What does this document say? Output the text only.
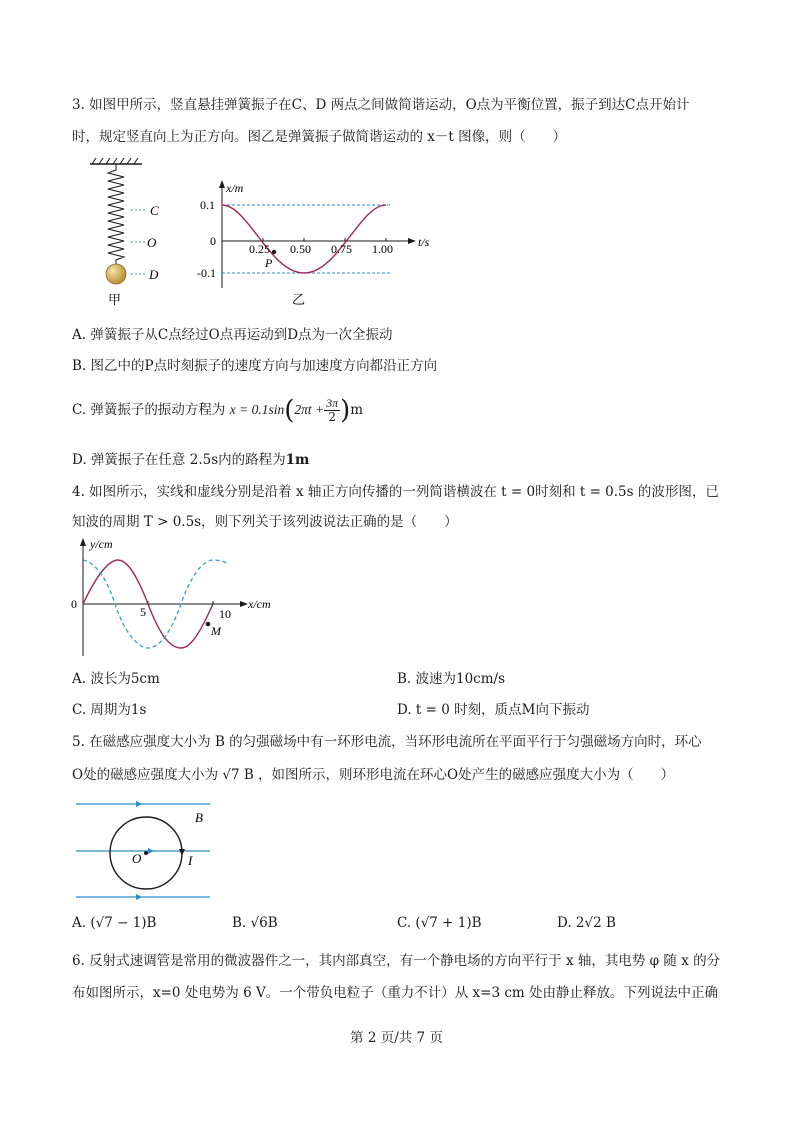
3. 如图甲所示，竖直悬挂弹簧振子在C、D 两点之间做简谐运动，O点为平衡位置，振子到达C点开始计
时，规定竖直向上为正方向。图乙是弹簧振子做简谐运动的 x－t 图像，则（　　）
C
O
D
甲
x/m
t/s
0.1
0
-0.1
0.25 0.50 0.75 1.00
P
乙
A. 弹簧振子从C点经过O点再运动到D点为一次全振动
B. 图乙中的P点时刻振子的速度方向与加速度方向都沿正方向
C. 弹簧振子的振动方程为 $x = 0.1\sin(2\pi t + \frac{3\pi}{2} )m$
D. 弹簧振子在任意 2.5s内的路程为1m
4. 如图所示，实线和虚线分别是沿着 x 轴正方向传播的一列简谐横波在 t = 0时刻和 t = 0.5s 的波形图，已
知波的周期 T > 0.5s，则下列关于该列波说法正确的是（　　）
y/cm
x/cm
0
5	10
M
A. 波长为5cm	B. 波速为10cm/s
C. 周期为1s	D. t = 0 时刻，质点M向下振动
5. 在磁感应强度大小为 B 的匀强磁场中有一环形电流，当环形电流所在平面平行于匀强磁场方向时，环心
O处的磁感应强度大小为 √7 B ，如图所示，则环形电流在环心O处产生的磁感应强度大小为（　　）
B
O	I
A. (√7 − 1)B	B. √6B	C. (√7 + 1)B	D. 2√2 B
6. 反射式速调管是常用的微波器件之一，其内部真空，有一个静电场的方向平行于 x 轴，其电势 φ 随 x 的分
布如图所示，x=0 处电势为 6 V。一个带负电粒子（重力不计）从 x=3 cm 处由静止释放。下列说法中正确
第 2 页/共 7 页
